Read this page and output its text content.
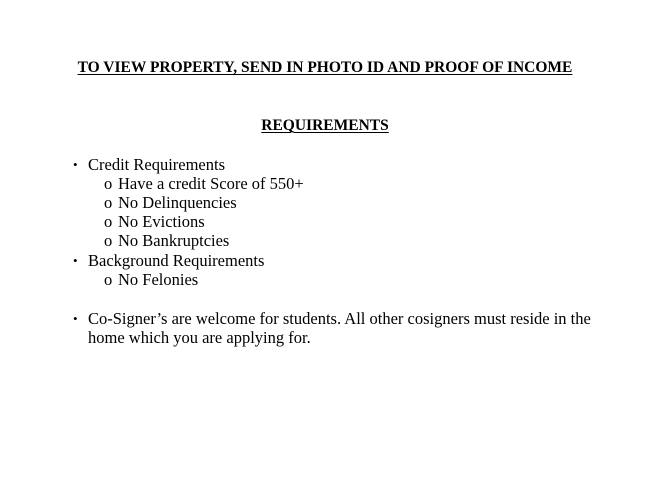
TO VIEW PROPERTY, SEND IN PHOTO ID AND PROOF OF INCOME
REQUIREMENTS
• Credit Requirements
o Have a credit Score of 550+
o No Delinquencies
o No Evictions
o No Bankruptcies
• Background Requirements
o No Felonies
• Co-Signer’s are welcome for students. All other cosigners must reside in the
home which you are applying for.
